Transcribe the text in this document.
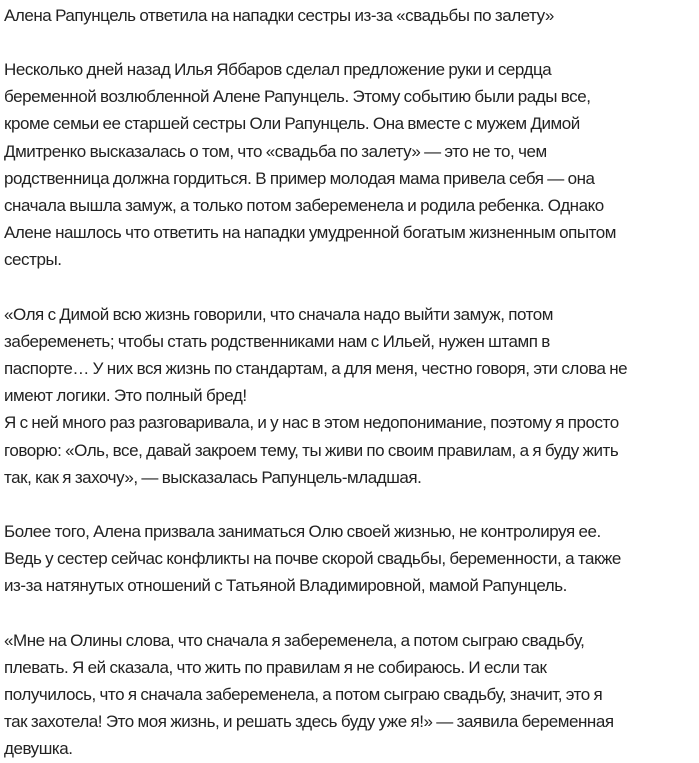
Алена Рапунцель ответила на нападки сестры из-за «свадьбы по залету»

Несколько дней назад Илья Яббаров сделал предложение руки и сердца
беременной возлюбленной Алене Рапунцель. Этому событию были рады все,
кроме семьи ее старшей сестры Оли Рапунцель. Она вместе с мужем Димой
Дмитренко высказалась о том, что «свадьба по залету» — это не то, чем
родственница должна гордиться. В пример молодая мама привела себя — она
сначала вышла замуж, а только потом забеременела и родила ребенка. Однако
Алене нашлось что ответить на нападки умудренной богатым жизненным опытом
сестры.

«Оля с Димой всю жизнь говорили, что сначала надо выйти замуж, потом
забеременеть; чтобы стать родственниками нам с Ильей, нужен штамп в
паспорте… У них вся жизнь по стандартам, а для меня, честно говоря, эти слова не
имеют логики. Это полный бред!
Я с ней много раз разговаривала, и у нас в этом недопонимание, поэтому я просто
говорю: «Оль, все, давай закроем тему, ты живи по своим правилам, а я буду жить
так, как я захочу», — высказалась Рапунцель-младшая.

Более того, Алена призвала заниматься Олю своей жизнью, не контролируя ее.
Ведь у сестер сейчас конфликты на почве скорой свадьбы, беременности, а также
из-за натянутых отношений с Татьяной Владимировной, мамой Рапунцель.

«Мне на Олины слова, что сначала я забеременела, а потом сыграю свадьбу,
плевать. Я ей сказала, что жить по правилам я не собираюсь. И если так
получилось, что я сначала забеременела, а потом сыграю свадьбу, значит, это я
так захотела! Это моя жизнь, и решать здесь буду уже я!» — заявила беременная
девушка.
